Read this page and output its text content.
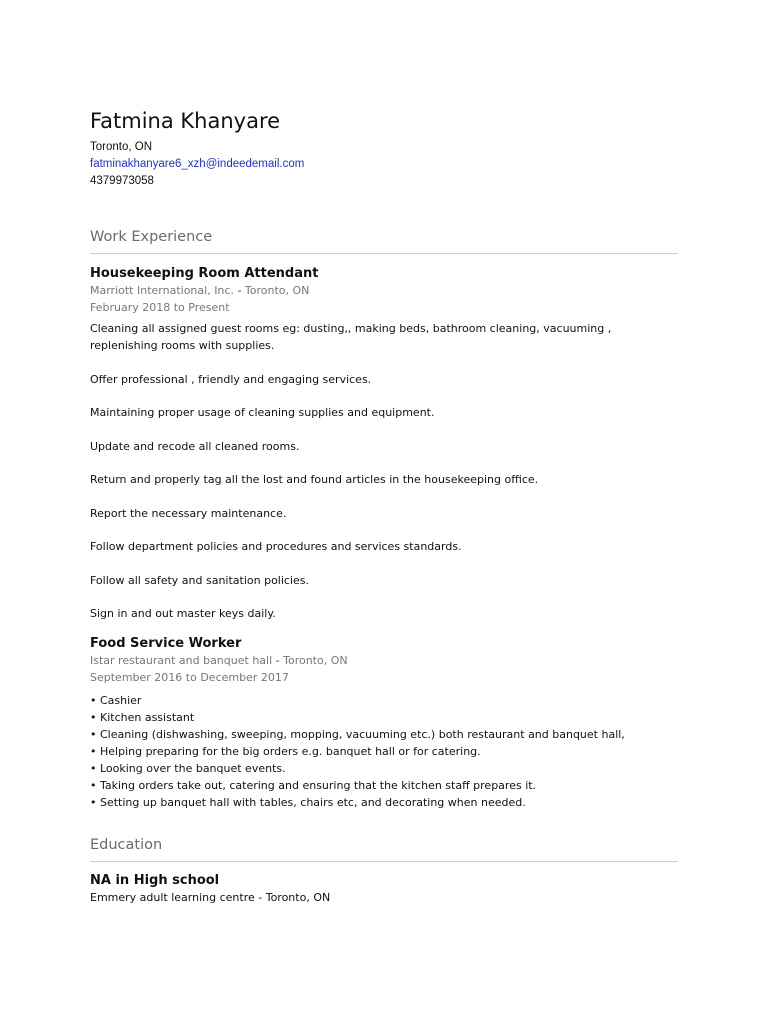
Fatmina Khanyare
Toronto, ON
fatminakhanyare6_xzh@indeedemail.com
4379973058
Work Experience
Housekeeping Room Attendant
Marriott International, Inc. - Toronto, ON
February 2018 to Present

Cleaning all assigned guest rooms eg: dusting,, making beds, bathroom cleaning, vacuuming , replenishing rooms with supplies.

Offer professional , friendly and engaging services.

Maintaining proper usage of cleaning supplies and equipment.

Update and recode all cleaned rooms.

Return and properly tag all the lost and found articles in the housekeeping office.

Report the necessary maintenance.

Follow department policies and procedures and services standards.

Follow all safety and sanitation policies.

Sign in and out master keys daily.

Food Service Worker
Istar restaurant and banquet hall - Toronto, ON
September 2016 to December 2017

• Cashier

• Kitchen assistant

• Cleaning (dishwashing, sweeping, mopping, vacuuming etc.) both restaurant and banquet hall,

• Helping preparing for the big orders e.g. banquet hall or for catering.

• Looking over the banquet events.

• Taking orders take out, catering and ensuring that the kitchen staff prepares it.

• Setting up banquet hall with tables, chairs etc, and decorating when needed.

Education
NA in High school
Emmery adult learning centre - Toronto, ON
